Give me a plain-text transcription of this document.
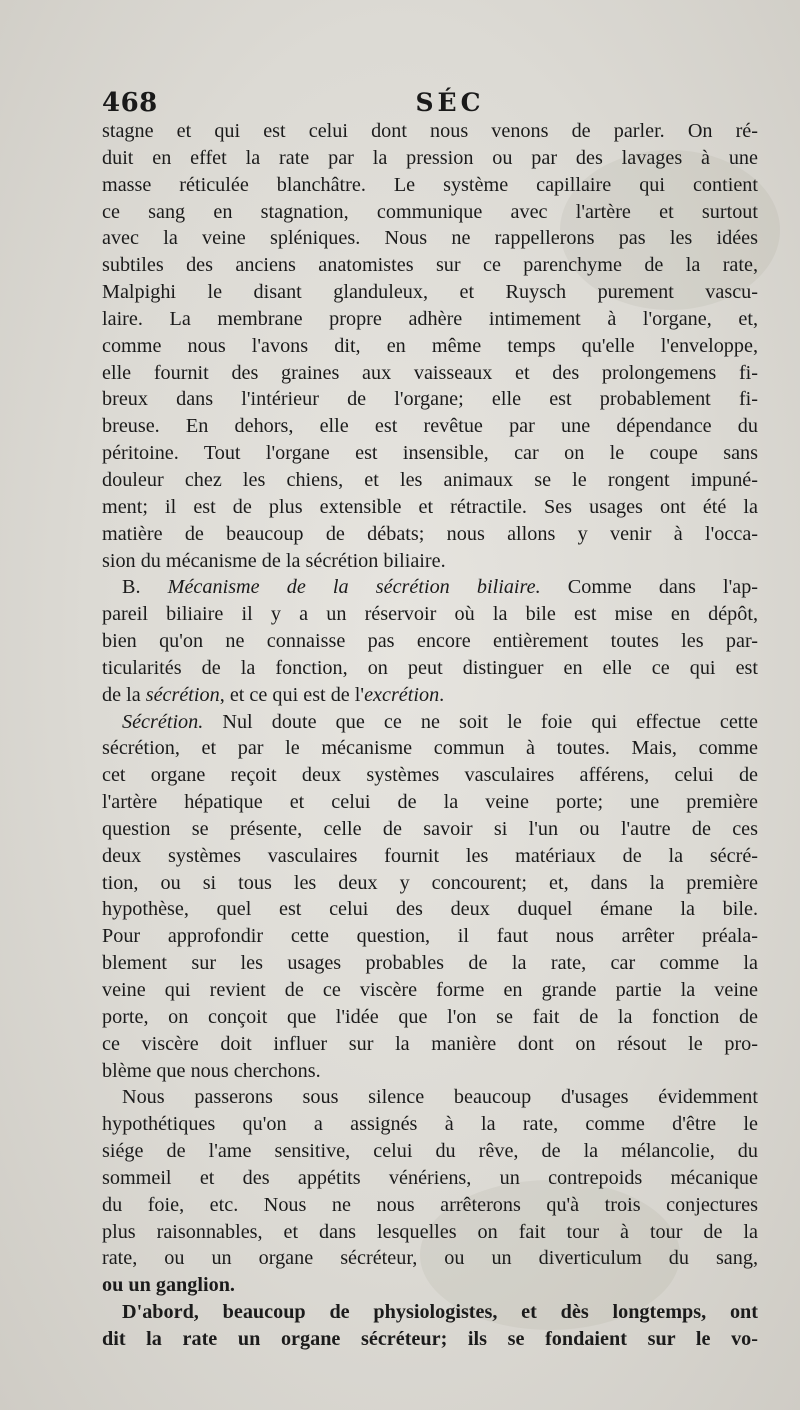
468	SÉC
stagne et qui est celui dont nous venons de parler. On ré-
duit en effet la rate par la pression ou par des lavages à une
masse réticulée blanchâtre. Le système capillaire qui contient
ce sang en stagnation, communique avec l'artère et surtout
avec la veine spléniques. Nous ne rappellerons pas les idées
subtiles des anciens anatomistes sur ce parenchyme de la rate,
Malpighi le disant glanduleux, et Ruysch purement vascu-
laire. La membrane propre adhère intimement à l'organe, et,
comme nous l'avons dit, en même temps qu'elle l'enveloppe,
elle fournit des graines aux vaisseaux et des prolongemens fi-
breux dans l'intérieur de l'organe; elle est probablement fi-
breuse. En dehors, elle est revêtue par une dépendance du
péritoine. Tout l'organe est insensible, car on le coupe sans
douleur chez les chiens, et les animaux se le rongent impuné-
ment; il est de plus extensible et rétractile. Ses usages ont été la
matière de beaucoup de débats; nous allons y venir à l'occa-
sion du mécanisme de la sécrétion biliaire.
B. Mécanisme de la sécrétion biliaire. Comme dans l'ap-
pareil biliaire il y a un réservoir où la bile est mise en dépôt,
bien qu'on ne connaisse pas encore entièrement toutes les par-
ticularités de la fonction, on peut distinguer en elle ce qui est
de la sécrétion, et ce qui est de l'excrétion.
Sécrétion. Nul doute que ce ne soit le foie qui effectue cette
sécrétion, et par le mécanisme commun à toutes. Mais, comme
cet organe reçoit deux systèmes vasculaires afférens, celui de
l'artère hépatique et celui de la veine porte; une première
question se présente, celle de savoir si l'un ou l'autre de ces
deux systèmes vasculaires fournit les matériaux de la sécré-
tion, ou si tous les deux y concourent; et, dans la première
hypothèse, quel est celui des deux duquel émane la bile.
Pour approfondir cette question, il faut nous arrêter préala-
blement sur les usages probables de la rate, car comme la
veine qui revient de ce viscère forme en grande partie la veine
porte, on conçoit que l'idée que l'on se fait de la fonction de
ce viscère doit influer sur la manière dont on résout le pro-
blème que nous cherchons.
Nous passerons sous silence beaucoup d'usages évidemment
hypothétiques qu'on a assignés à la rate, comme d'être le
siége de l'ame sensitive, celui du rêve, de la mélancolie, du
sommeil et des appétits vénériens, un contrepoids mécanique
du foie, etc. Nous ne nous arrêterons qu'à trois conjectures
plus raisonnables, et dans lesquelles on fait tour à tour de la
rate, ou un organe sécréteur, ou un diverticulum du sang,
ou un ganglion.
D'abord, beaucoup de physiologistes, et dès longtemps, ont
dit la rate un organe sécréteur; ils se fondaient sur le vo-
